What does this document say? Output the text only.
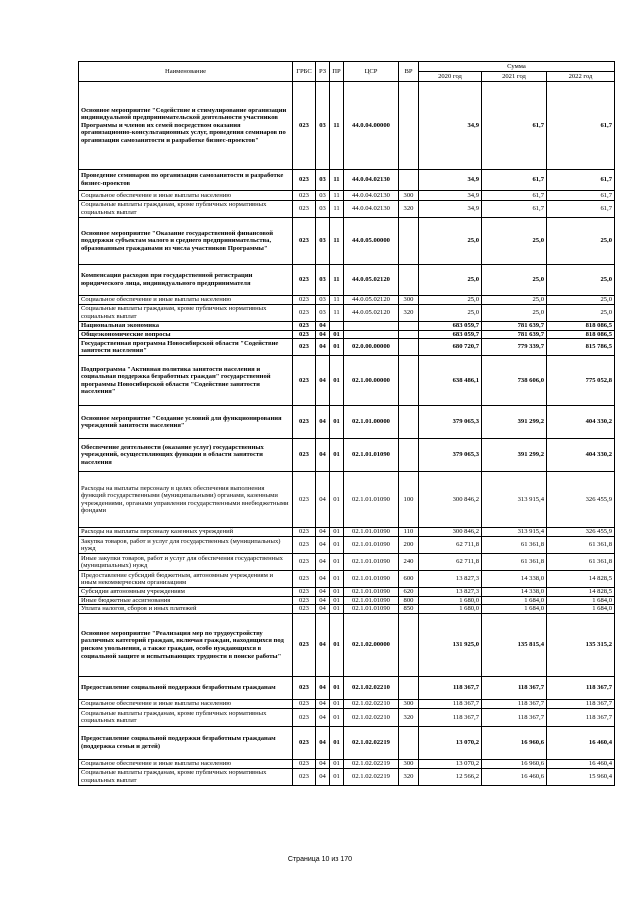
Наименование	ГРБС	РЗ	ПР	ЦСР	ВР	Сумма		
						2020 год	2021 год	2022 год
Основное мероприятие "Содействие и стимулирование организации индивидуальной предпринимательской деятельности участников Программы и членов их семей посредством оказания организационно-консультационных услуг, проведения семинаров по организации самозанятости и разработке бизнес-проектов"	023	03	11	44.0.04.00000		34,9	61,7	61,7
Проведение семинаров по организации самозанятости и разработке бизнес-проектов	023	03	11	44.0.04.02130		34,9	61,7	61,7
Социальное обеспечение и иные выплаты населению	023	03	11	44.0.04.02130	300	34,9	61,7	61,7
Социальные выплаты гражданам, кроме публичных нормативных социальных выплат	023	03	11	44.0.04.02130	320	34,9	61,7	61,7
Основное мероприятие "Оказание государственной финансовой поддержки субъектам малого и среднего предпринимательства, образованным гражданами из числа участников Программы"	023	03	11	44.0.05.00000		25,0	25,0	25,0
Компенсация расходов при государственной регистрации юридического лица, индивидуального предпринимателя	023	03	11	44.0.05.02120		25,0	25,0	25,0
Социальное обеспечение и иные выплаты населению	023	03	11	44.0.05.02120	300	25,0	25,0	25,0
Социальные выплаты гражданам, кроме публичных нормативных социальных выплат	023	03	11	44.0.05.02120	320	25,0	25,0	25,0
Национальная экономика	023	04				683 059,7	781 639,7	818 086,5
Общеэкономические вопросы	023	04	01			683 059,7	781 639,7	818 086,5
Государственная программа Новосибирской области "Содействие занятости населения"	023	04	01	02.0.00.00000		680 720,7	779 339,7	815 786,5
Подпрограмма "Активная политика занятости населения и социальная поддержка безработных граждан" государственной программы Новосибирской области "Содействие занятости населения"	023	04	01	02.1.00.00000		638 486,1	738 606,0	775 052,8
Основное мероприятие "Создание условий для функционирования учреждений занятости населения"	023	04	01	02.1.01.00000		379 065,3	391 299,2	404 330,2
Обеспечение деятельности (оказание услуг) государственных учреждений, осуществляющих функции в области занятости населения	023	04	01	02.1.01.01090		379 065,3	391 299,2	404 330,2
Расходы на выплаты персоналу в целях обеспечения выполнения функций государственными (муниципальными) органами, казенными учреждениями, органами управления государственными внебюджетными фондами	023	04	01	02.1.01.01090	100	300 846,2	313 915,4	326 455,9
Расходы на выплаты персоналу казенных учреждений	023	04	01	02.1.01.01090	110	300 846,2	313 915,4	326 455,9
Закупка товаров, работ и услуг для государственных (муниципальных) нужд	023	04	01	02.1.01.01090	200	62 711,8	61 361,8	61 361,8
Иные закупки товаров, работ и услуг для обеспечения государственных (муниципальных) нужд	023	04	01	02.1.01.01090	240	62 711,8	61 361,8	61 361,8
Предоставление субсидий бюджетным, автономным учреждениям и иным некоммерческим организациям	023	04	01	02.1.01.01090	600	13 827,3	14 338,0	14 828,5
Субсидии автономным учреждениям	023	04	01	02.1.01.01090	620	13 827,3	14 338,0	14 828,5
Иные бюджетные ассигнования	023	04	01	02.1.01.01090	800	1 680,0	1 684,0	1 684,0
Уплата налогов, сборов и иных платежей	023	04	01	02.1.01.01090	850	1 680,0	1 684,0	1 684,0
Основное мероприятие "Реализация мер по трудоустройству различных категорий граждан, включая граждан, находящихся под риском увольнения, а также граждан, особо нуждающихся в социальной защите и испытывающих трудности в поиске работы"	023	04	01	02.1.02.00000		131 925,0	135 815,4	135 315,2
Предоставление социальной поддержки безработным гражданам	023	04	01	02.1.02.02210		118 367,7	118 367,7	118 367,7
Социальное обеспечение и иные выплаты населению	023	04	01	02.1.02.02210	300	118 367,7	118 367,7	118 367,7
Социальные выплаты гражданам, кроме публичных нормативных социальных выплат	023	04	01	02.1.02.02210	320	118 367,7	118 367,7	118 367,7
Предоставление социальной поддержки безработным гражданам (поддержка семьи и детей)	023	04	01	02.1.02.02219		13 070,2	16 960,6	16 460,4
Социальное обеспечение и иные выплаты населению	023	04	01	02.1.02.02219	300	13 070,2	16 960,6	16 460,4
Социальные выплаты гражданам, кроме публичных нормативных социальных выплат	023	04	01	02.1.02.02219	320	12 566,2	16 460,6	15 960,4
Страница 10 из 170
